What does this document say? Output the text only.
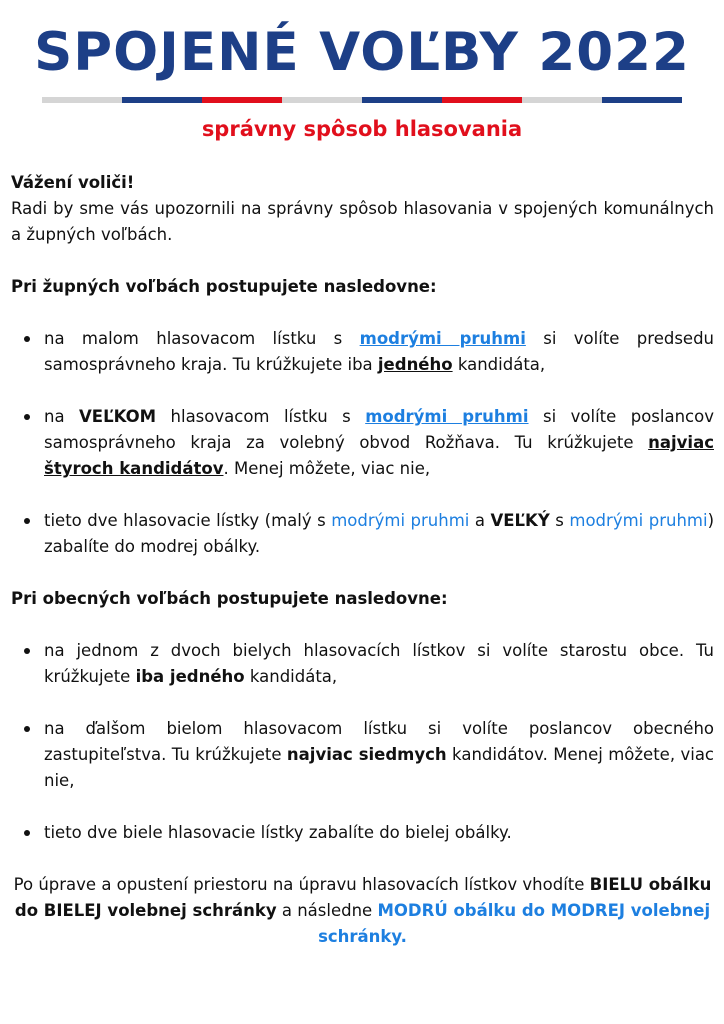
SPOJENÉ VOĽBY 2022
správny spôsob hlasovania

Vážení voliči!

Radi by sme vás upozornili na správny spôsob hlasovania v spojených komunálnych a župných voľbách.

Pri župných voľbách postupujete nasledovne:

na malom hlasovacom lístku s modrými pruhmi si volíte predsedu samosprávneho kraja. Tu krúžkujete iba jedného kandidáta,
na VEĽKOM hlasovacom lístku s modrými pruhmi si volíte poslancov samosprávneho kraja za volebný obvod Rožňava. Tu krúžkujete najviac štyroch kandidátov. Menej môžete, viac nie,
tieto dve hlasovacie lístky (malý s modrými pruhmi a VEĽKÝ s modrými pruhmi) zabalíte do modrej obálky.

Pri obecných voľbách postupujete nasledovne:

na jednom z dvoch bielych hlasovacích lístkov si volíte starostu obce. Tu krúžkujete iba jedného kandidáta,
na ďalšom bielom hlasovacom lístku si volíte poslancov obecného zastupiteľstva. Tu krúžkujete najviac siedmych kandidátov. Menej môžete, viac nie,
tieto dve biele hlasovacie lístky zabalíte do bielej obálky.

Po úprave a opustení priestoru na úpravu hlasovacích lístkov vhodíte BIELU obálku do BIELEJ volebnej schránky a následne MODRÚ obálku do MODREJ volebnej schránky.
